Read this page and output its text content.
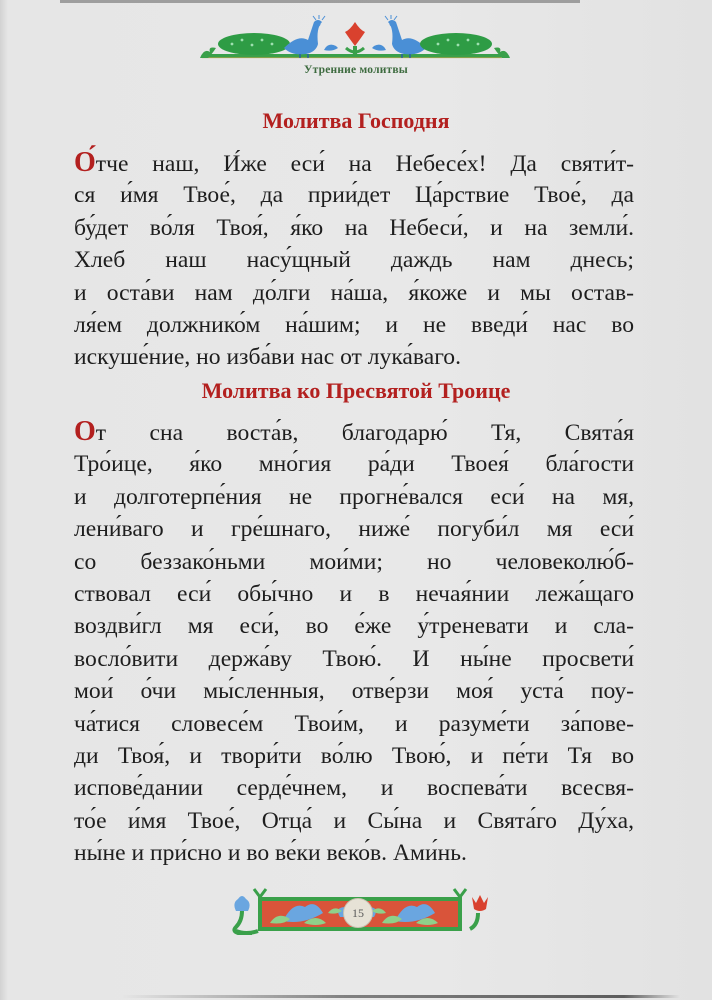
Утренние молитвы
Молитва Господня
О́тче наш, И́же еси́ на Небесе́х! Да святи́т-
ся и́мя Твое́, да прии́дет Ца́рствие Твое́, да
бу́дет во́ля Твоя́, я́ко на Небеси́, и на земли́.
Хлеб наш насу́щный даждь нам днесь;
и оста́ви нам до́лги на́ша, я́коже и мы остав-
ля́ем должнико́м на́шим; и не введи́ нас во
искуше́ние, но изба́ви нас от лука́ваго.
Молитва ко Пресвятой Троице
От сна воста́в, благодарю́ Тя, Свята́я
Тро́ице, я́ко мно́гия ра́ди Твоея́ бла́гости
и долготерпе́ния не прогне́вался еси́ на мя,
лени́ваго и гре́шнаго, ниже́ погуби́л мя еси́
со беззако́ньми мои́ми; но человеколю́б-
ствовал еси́ обы́чно и в нечая́нии лежа́щаго
воздви́гл мя еси́, во е́же у́треневати и сла-
восло́вити держа́ву Твою́. И ны́не просвети́
мои́ о́чи мы́сленныя, отве́рзи моя́ уста́ поу-
ча́тися словесе́м Твои́м, и разуме́ти за́пове-
ди Твоя́, и твори́ти во́лю Твою́, и пе́ти Тя во
испове́дании серде́чнем, и воспева́ти всесвя-
то́е и́мя Твое́, Отца́ и Сы́на и Свята́го Ду́ха,
ны́не и при́сно и во ве́ки веко́в. Ами́нь.
15
